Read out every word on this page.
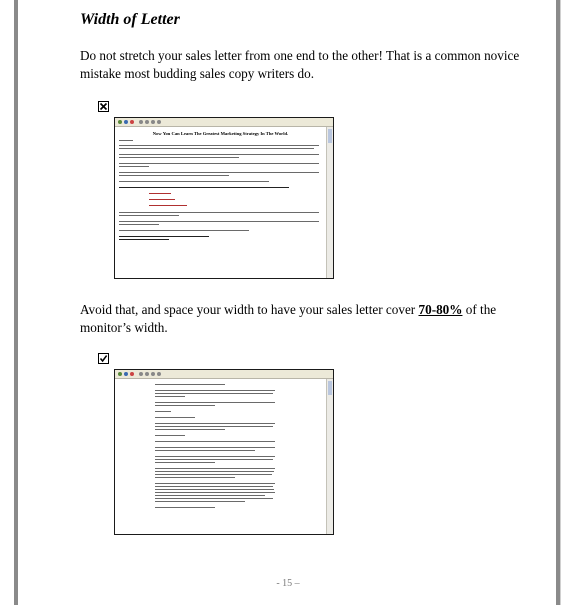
Width of Letter

Do not stretch your sales letter from one end to the other! That is a common novice mistake most budding sales copy writers do.

Now You Can Learn The Greatest Marketing Strategy In The World.

Avoid that, and space your width to have your sales letter cover 70-80% of the monitor’s width.

- 15 –
